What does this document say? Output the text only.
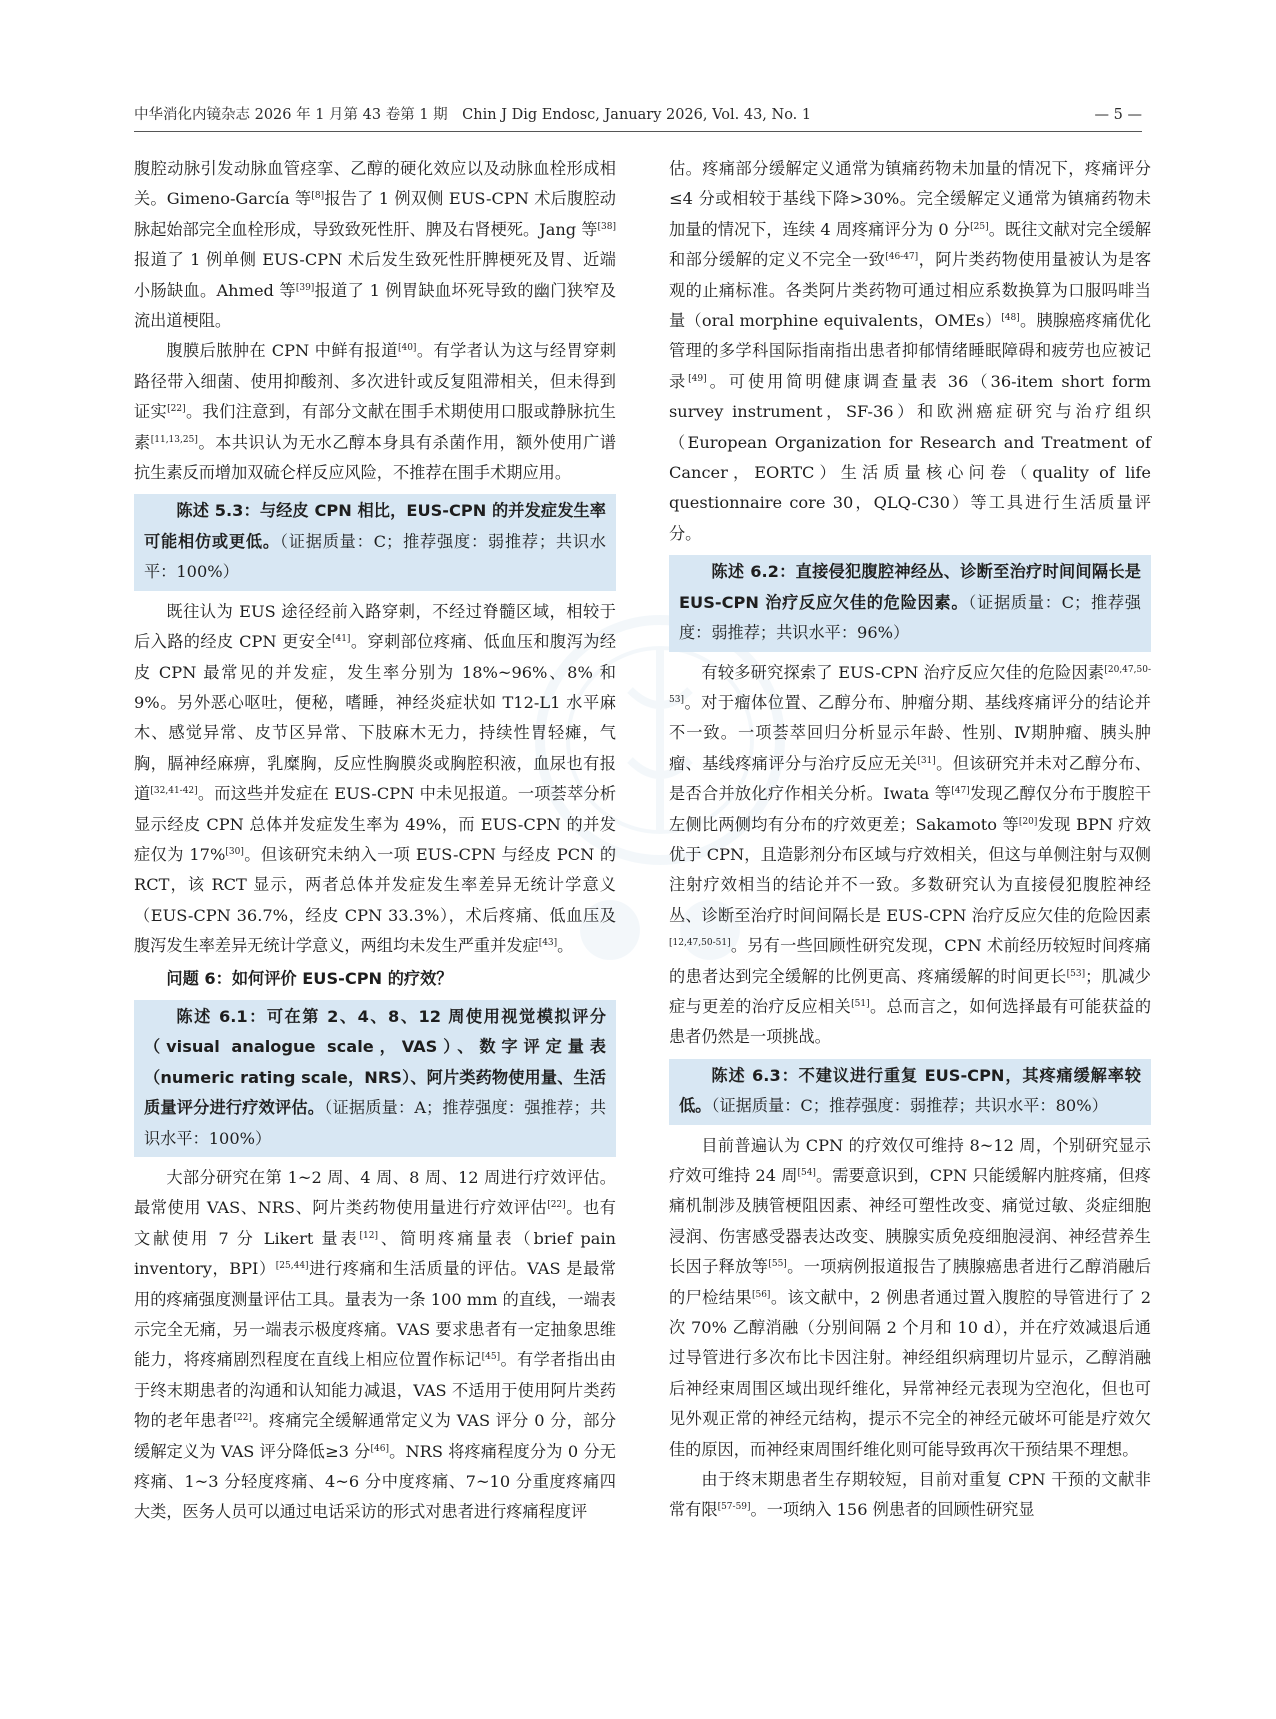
中华消化内镜杂志 2026 年 1 月第 43 卷第 1 期　Chin J Dig Endosc, January 2026, Vol. 43, No. 1	— 5 —

腹腔动脉引发动脉血管痉挛、乙醇的硬化效应以及动脉血栓形成相关。Gimeno-García 等[8]报告了 1 例双侧 EUS-CPN 术后腹腔动脉起始部完全血栓形成，导致致死性肝、脾及右肾梗死。Jang 等[38]报道了 1 例单侧 EUS-CPN 术后发生致死性肝脾梗死及胃、近端小肠缺血。Ahmed 等[39]报道了 1 例胃缺血坏死导致的幽门狭窄及流出道梗阻。

腹膜后脓肿在 CPN 中鲜有报道[40]。有学者认为这与经胃穿刺路径带入细菌、使用抑酸剂、多次进针或反复阻滞相关，但未得到证实[22]。我们注意到，有部分文献在围手术期使用口服或静脉抗生素[11,13,25]。本共识认为无水乙醇本身具有杀菌作用，额外使用广谱抗生素反而增加双硫仑样反应风险，不推荐在围手术期应用。

陈述 5.3：与经皮 CPN 相比，EUS-CPN 的并发症发生率可能相仿或更低。（证据质量：C；推荐强度：弱推荐；共识水平：100%）

既往认为 EUS 途径经前入路穿刺，不经过脊髓区域，相较于后入路的经皮 CPN 更安全[41]。穿刺部位疼痛、低血压和腹泻为经皮 CPN 最常见的并发症，发生率分别为 18%~96%、8% 和 9%。另外恶心呕吐，便秘，嗜睡，神经炎症状如 T12-L1 水平麻木、感觉异常、皮节区异常、下肢麻木无力，持续性胃轻瘫，气胸，膈神经麻痹，乳糜胸，反应性胸膜炎或胸腔积液，血尿也有报道[32,41-42]。而这些并发症在 EUS-CPN 中未见报道。一项荟萃分析显示经皮 CPN 总体并发症发生率为 49%，而 EUS-CPN 的并发症仅为 17%[30]。但该研究未纳入一项 EUS-CPN 与经皮 PCN 的 RCT，该 RCT 显示，两者总体并发症发生率差异无统计学意义（EUS-CPN 36.7%，经皮 CPN 33.3%），术后疼痛、低血压及腹泻发生率差异无统计学意义，两组均未发生严重并发症[43]。

问题 6：如何评价 EUS-CPN 的疗效？
陈述 6.1：可在第 2、4、8、12 周使用视觉模拟评分（visual analogue scale，VAS）、数字评定量表（numeric rating scale，NRS）、阿片类药物使用量、生活质量评分进行疗效评估。（证据质量：A；推荐强度：强推荐；共识水平：100%）

大部分研究在第 1~2 周、4 周、8 周、12 周进行疗效评估。最常使用 VAS、NRS、阿片类药物使用量进行疗效评估[22]。也有文献使用 7 分 Likert 量表[12]、简明疼痛量表（brief pain inventory，BPI）[25,44]进行疼痛和生活质量的评估。VAS 是最常用的疼痛强度测量评估工具。量表为一条 100 mm 的直线，一端表示完全无痛，另一端表示极度疼痛。VAS 要求患者有一定抽象思维能力，将疼痛剧烈程度在直线上相应位置作标记[45]。有学者指出由于终末期患者的沟通和认知能力减退，VAS 不适用于使用阿片类药物的老年患者[22]。疼痛完全缓解通常定义为 VAS 评分 0 分，部分缓解定义为 VAS 评分降低≥3 分[46]。NRS 将疼痛程度分为 0 分无疼痛、1~3 分轻度疼痛、4~6 分中度疼痛、7~10 分重度疼痛四大类，医务人员可以通过电话采访的形式对患者进行疼痛程度评

估。疼痛部分缓解定义通常为镇痛药物未加量的情况下，疼痛评分≤4 分或相较于基线下降>30%。完全缓解定义通常为镇痛药物未加量的情况下，连续 4 周疼痛评分为 0 分[25]。既往文献对完全缓解和部分缓解的定义不完全一致[46-47]，阿片类药物使用量被认为是客观的止痛标准。各类阿片类药物可通过相应系数换算为口服吗啡当量（oral morphine equivalents，OMEs）[48]。胰腺癌疼痛优化管理的多学科国际指南指出患者抑郁情绪睡眠障碍和疲劳也应被记录[49]。可使用简明健康调查量表 36（36-item short form survey instrument，SF-36）和欧洲癌症研究与治疗组织（European Organization for Research and Treatment of Cancer，EORTC）生活质量核心问卷（quality of life questionnaire core 30，QLQ-C30）等工具进行生活质量评分。

陈述 6.2：直接侵犯腹腔神经丛、诊断至治疗时间间隔长是 EUS-CPN 治疗反应欠佳的危险因素。（证据质量：C；推荐强度：弱推荐；共识水平：96%）

有较多研究探索了 EUS-CPN 治疗反应欠佳的危险因素[20,47,50-53]。对于瘤体位置、乙醇分布、肿瘤分期、基线疼痛评分的结论并不一致。一项荟萃回归分析显示年龄、性别、Ⅳ期肿瘤、胰头肿瘤、基线疼痛评分与治疗反应无关[31]。但该研究并未对乙醇分布、是否合并放化疗作相关分析。Iwata 等[47]发现乙醇仅分布于腹腔干左侧比两侧均有分布的疗效更差；Sakamoto 等[20]发现 BPN 疗效优于 CPN，且造影剂分布区域与疗效相关，但这与单侧注射与双侧注射疗效相当的结论并不一致。多数研究认为直接侵犯腹腔神经丛、诊断至治疗时间间隔长是 EUS-CPN 治疗反应欠佳的危险因素[12,47,50-51]。另有一些回顾性研究发现，CPN 术前经历较短时间疼痛的患者达到完全缓解的比例更高、疼痛缓解的时间更长[53]；肌减少症与更差的治疗反应相关[51]。总而言之，如何选择最有可能获益的患者仍然是一项挑战。

陈述 6.3：不建议进行重复 EUS-CPN，其疼痛缓解率较低。（证据质量：C；推荐强度：弱推荐；共识水平：80%）

目前普遍认为 CPN 的疗效仅可维持 8~12 周，个别研究显示疗效可维持 24 周[54]。需要意识到，CPN 只能缓解内脏疼痛，但疼痛机制涉及胰管梗阻因素、神经可塑性改变、痛觉过敏、炎症细胞浸润、伤害感受器表达改变、胰腺实质免疫细胞浸润、神经营养生长因子释放等[55]。一项病例报道报告了胰腺癌患者进行乙醇消融后的尸检结果[56]。该文献中，2 例患者通过置入腹腔的导管进行了 2 次 70% 乙醇消融（分别间隔 2 个月和 10 d），并在疗效减退后通过导管进行多次布比卡因注射。神经组织病理切片显示，乙醇消融后神经束周围区域出现纤维化，异常神经元表现为空泡化，但也可见外观正常的神经元结构，提示不完全的神经元破坏可能是疗效欠佳的原因，而神经束周围纤维化则可能导致再次干预结果不理想。

由于终末期患者生存期较短，目前对重复 CPN 干预的文献非常有限[57-59]。一项纳入 156 例患者的回顾性研究显
